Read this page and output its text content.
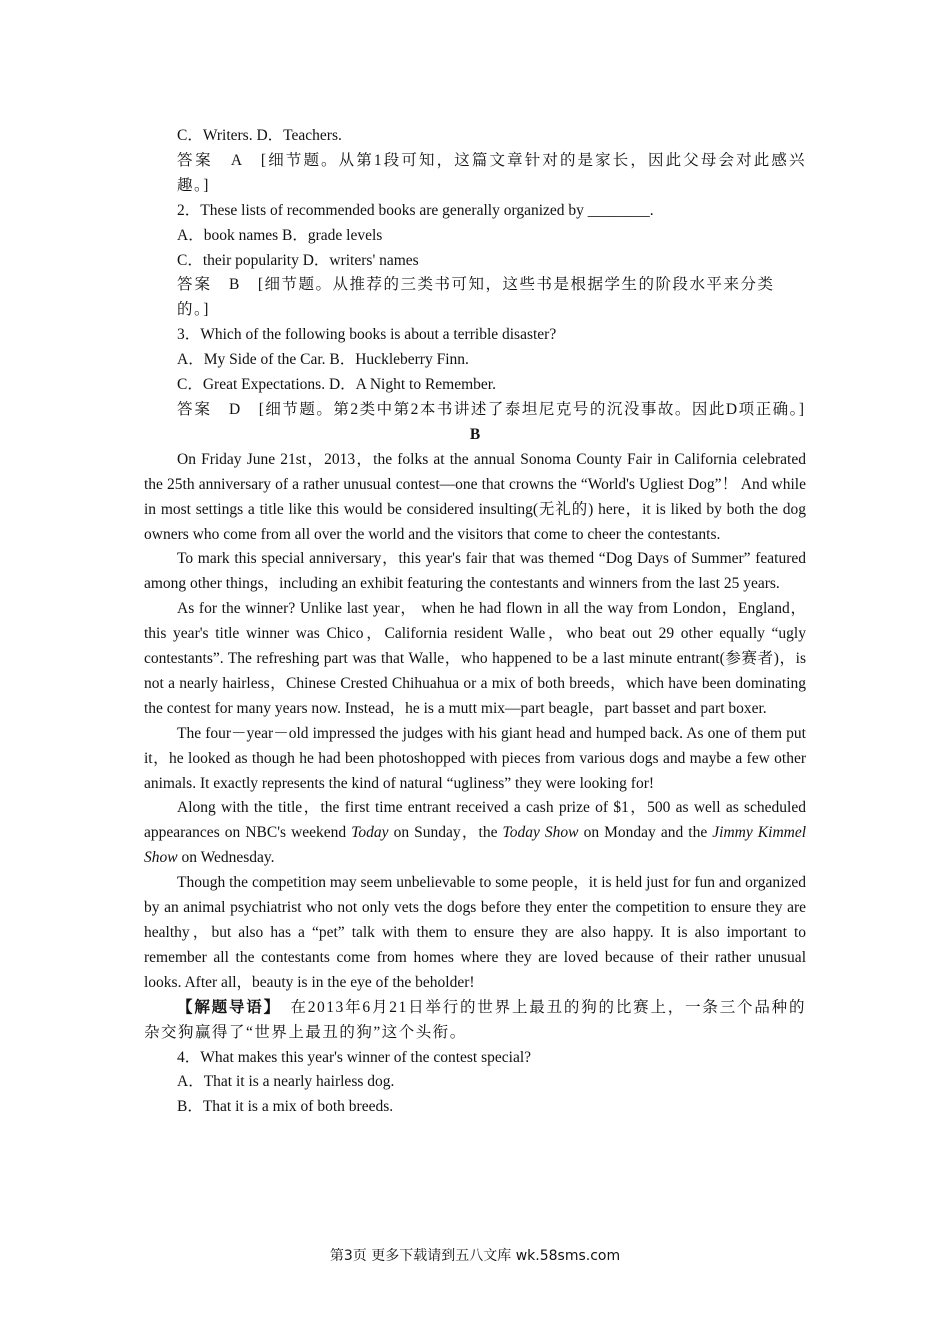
C．Writers. D．Teachers.

答案　 A　[细节题。从第1段可知，这篇文章针对的是家长，因此父母会对此感兴趣。]

2．These lists of recommended books are generally organized by ________.

A．book names B．grade levels

C．their popularity D．writers' names

答案　 B　[细节题。从推荐的三类书可知，这些书是根据学生的阶段水平来分类的。]

3．Which of the following books is about a terrible disaster?

A．My Side of the Car. B．Huckleberry Finn.

C．Great Expectations. D．A Night to Remember.

答案　 D　[细节题。第2类中第2本书讲述了泰坦尼克号的沉没事故。因此D项正确。]

B

On Friday June 21st，2013，the folks at the annual Sonoma County Fair in California celebrated the 25th anniversary of a rather unusual contest—one that crowns the “World's Ugliest Dog”！ And while in most settings a title like this would be considered insulting(无礼的) here，it is liked by both the dog owners who come from all over the world and the visitors that come to cheer the contestants.

To mark this special anniversary，this year's fair that was themed “Dog Days of Summer” featured among other things，including an exhibit featuring the contestants and winners from the last 25 years.

As for the winner? Unlike last year， when he had flown in all the way from London，England，this year's title winner was Chico，California resident Walle，who beat out 29 other equally “ugly contestants”. The refreshing part was that Walle，who happened to be a last minute entrant(参赛者)，is not a nearly hairless，Chinese Crested Chihuahua or a mix of both breeds，which have been dominating the contest for many years now. Instead，he is a mutt mix—part beagle，part basset and part boxer.

The four－year－old impressed the judges with his giant head and humped back. As one of them put it，he looked as though he had been photoshopped with pieces from various dogs and maybe a few other animals. It exactly represents the kind of natural “ugliness” they were looking for!

Along with the title，the first time entrant received a cash prize of $1，500 as well as scheduled appearances on NBC's weekend Today on Sunday，the Today Show on Monday and the Jimmy Kimmel Show on Wednesday.

Though the competition may seem unbelievable to some people，it is held just for fun and organized by an animal psychiatrist who not only vets the dogs before they enter the competition to ensure they are healthy，but also has a “pet” talk with them to ensure they are also happy. It is also important to remember all the contestants come from homes where they are loved because of their rather unusual looks. After all，beauty is in the eye of the beholder!

【解题导语】　在2013年6月21日举行的世界上最丑的狗的比赛上，一条三个品种的杂交狗赢得了“世界上最丑的狗”这个头衔。

4．What makes this year's winner of the contest special?

A．That it is a nearly hairless dog.

B．That it is a mix of both breeds.

第3页 更多下载请到五八文库 wk.58sms.com
